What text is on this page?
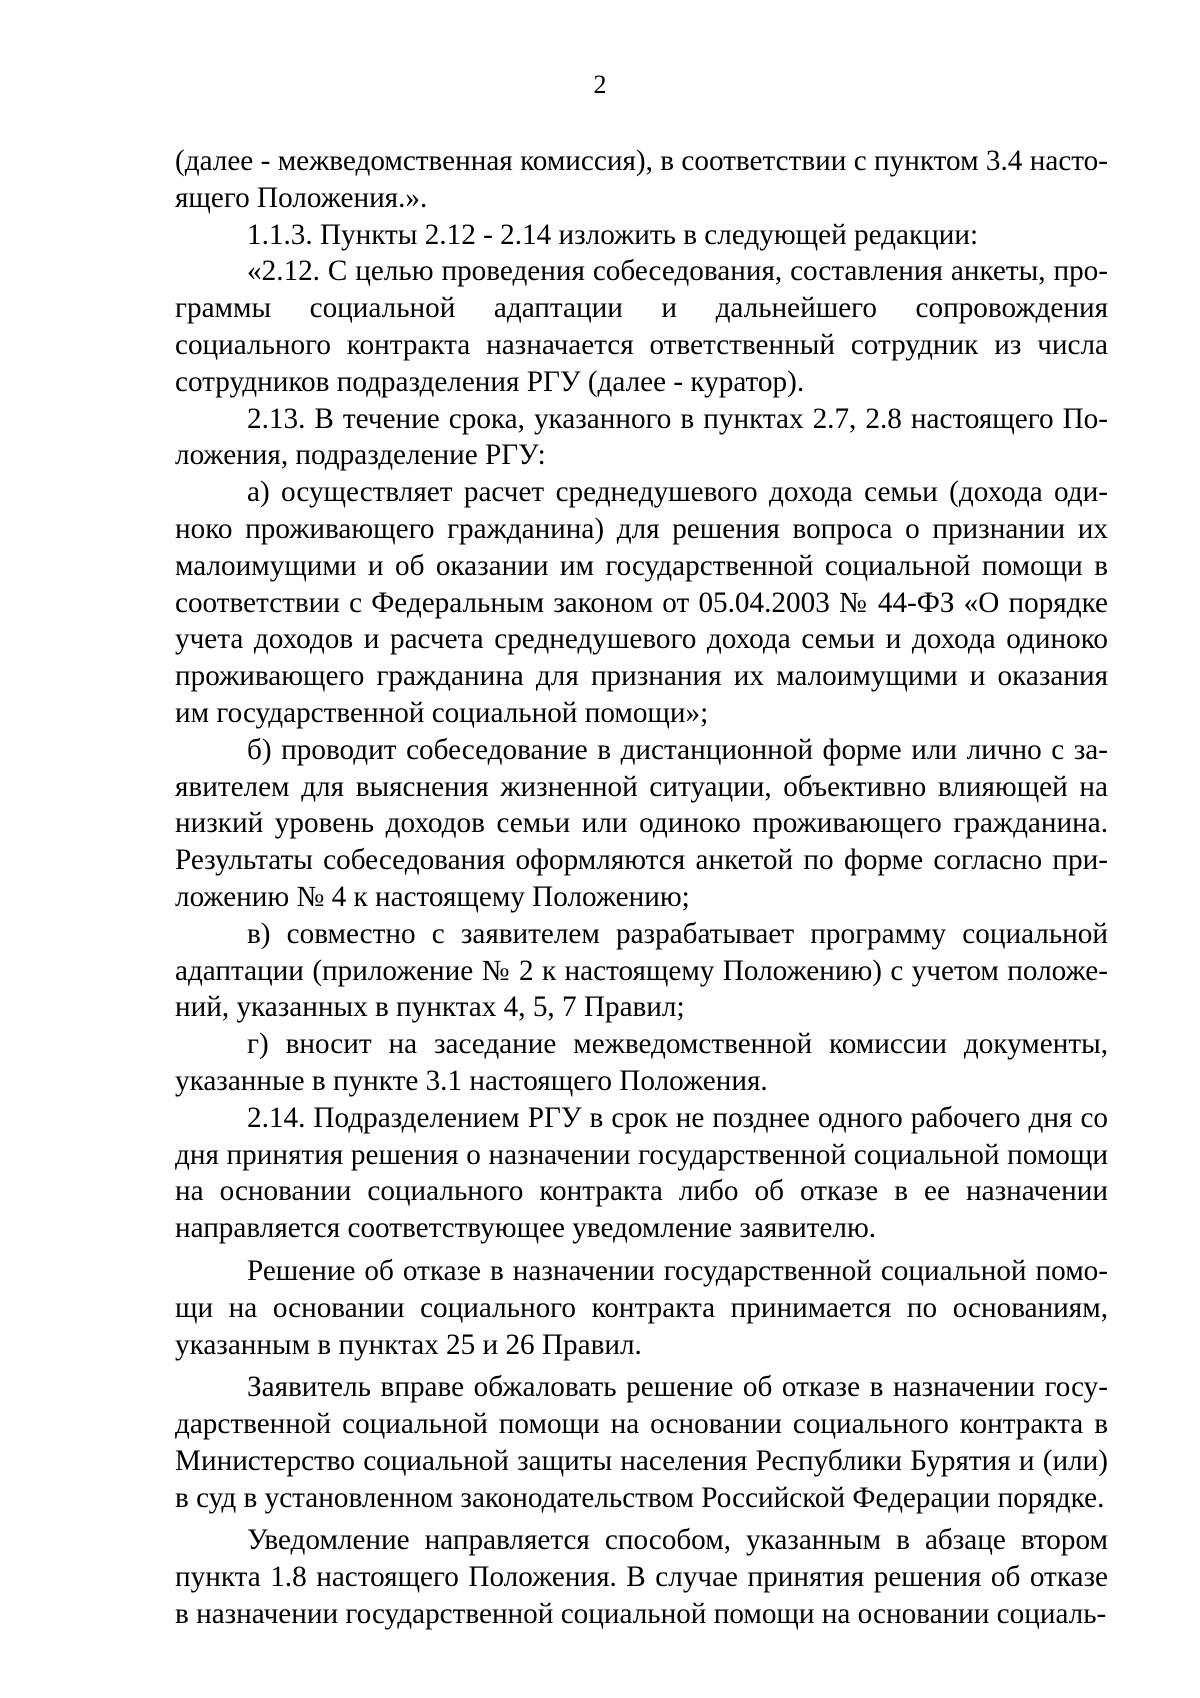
2

(далее - межведомственная комиссия), в соответствии с пунктом 3.4 настоящего Положения.».

1.1.3. Пункты 2.12 - 2.14 изложить в следующей редакции:

«2.12. С целью проведения собеседования, составления анкеты, программы социальной адаптации и дальнейшего сопровождения социального контракта назначается ответственный сотрудник из числа сотрудников подразделения РГУ (далее - куратор).

2.13. В течение срока, указанного в пунктах 2.7, 2.8 настоящего Положения, подразделение РГУ:

а) осуществляет расчет среднедушевого дохода семьи (дохода одиноко проживающего гражданина) для решения вопроса о признании их малоимущими и об оказании им государственной социальной помощи в соответствии с Федеральным законом от 05.04.2003 № 44-ФЗ «О порядке учета доходов и расчета среднедушевого дохода семьи и дохода одиноко проживающего гражданина для признания их малоимущими и оказания им государственной социальной помощи»;

б) проводит собеседование в дистанционной форме или лично с заявителем для выяснения жизненной ситуации, объективно влияющей на низкий уровень доходов семьи или одиноко проживающего гражданина. Результаты собеседования оформляются анкетой по форме согласно приложению № 4 к настоящему Положению;

в) совместно с заявителем разрабатывает программу социальной адаптации (приложение № 2 к настоящему Положению) с учетом положений, указанных в пунктах 4, 5, 7 Правил;

г) вносит на заседание межведомственной комиссии документы, указанные в пункте 3.1 настоящего Положения.

2.14. Подразделением РГУ в срок не позднее одного рабочего дня со дня принятия решения о назначении государственной социальной помощи на основании социального контракта либо об отказе в ее назначении направляется соответствующее уведомление заявителю.

Решение об отказе в назначении государственной социальной помощи на основании социального контракта принимается по основаниям, указанным в пунктах 25 и 26 Правил.

Заявитель вправе обжаловать решение об отказе в назначении государственной социальной помощи на основании социального контракта в Министерство социальной защиты населения Республики Бурятия и (или) в суд в установленном законодательством Российской Федерации порядке.

Уведомление направляется способом, указанным в абзаце втором пункта 1.8 настоящего Положения. В случае принятия решения об отказе в назначении государственной социальной помощи на основании социаль-
